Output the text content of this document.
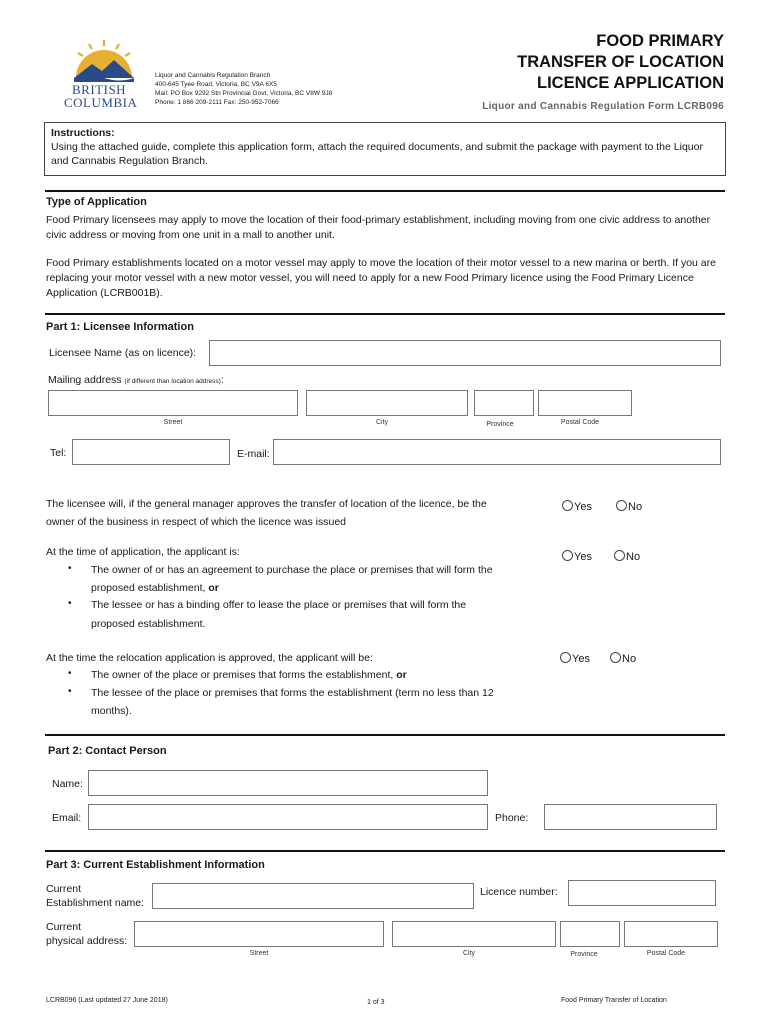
BRITISH
COLUMBIA
Liquor and Cannabis Regulation Branch
400-645 Tyee Road, Victoria, BC V9A 6X5
Mail: PO Box 9292 Stn Provincial Govt, Victoria, BC V8W 9J8
Phone: 1 866 209-2111 Fax: 250-952-7066
FOOD PRIMARY
TRANSFER OF LOCATION
LICENCE APPLICATION
Liquor and Cannabis Regulation Form LCRB096
Instructions:
Using the attached guide, complete this application form, attach the required documents, and submit the package with payment to the Liquor and Cannabis Regulation Branch.
Type of Application
Food Primary licensees may apply to move the location of their food-primary establishment, including moving from one civic address to another civic address or moving from one unit in a mall to another unit.
Food Primary establishments located on a motor vessel may apply to move the location of their motor vessel to a new marina or berth. If you are replacing your motor vessel with a new motor vessel, you will need to apply for a new Food Primary licence using the Food Primary Licence Application (LCRB001B).
Part 1: Licensee Information
Licensee Name (as on licence):
Mailing address (if different than location address):
Street	City	Province	Postal Code
Tel:	E-mail:
The licensee will, if the general manager approves the transfer of location of the licence, be the
owner of the business in respect of which the licence was issued
Yes	No
At the time of application, the applicant is:	Yes	No
• The owner of or has an agreement to purchase the place or premises that will form the
proposed establishment, or
• The lessee or has a binding offer to lease the place or premises that will form the
proposed establishment.
At the time the relocation application is approved, the applicant will be:	Yes	No
• The owner of the place or premises that forms the establishment, or
• The lessee of the place or premises that forms the establishment (term no less than 12
months).
Part 2: Contact Person
Name:
Email:	Phone:
Part 3: Current Establishment Information
Current
Establishment name:
Licence number:
Current
physical address:
Street	City	Province	Postal Code
LCRB096 (Last updated 27 June 2018)	1 of 3	Food Primary Transfer of Location
